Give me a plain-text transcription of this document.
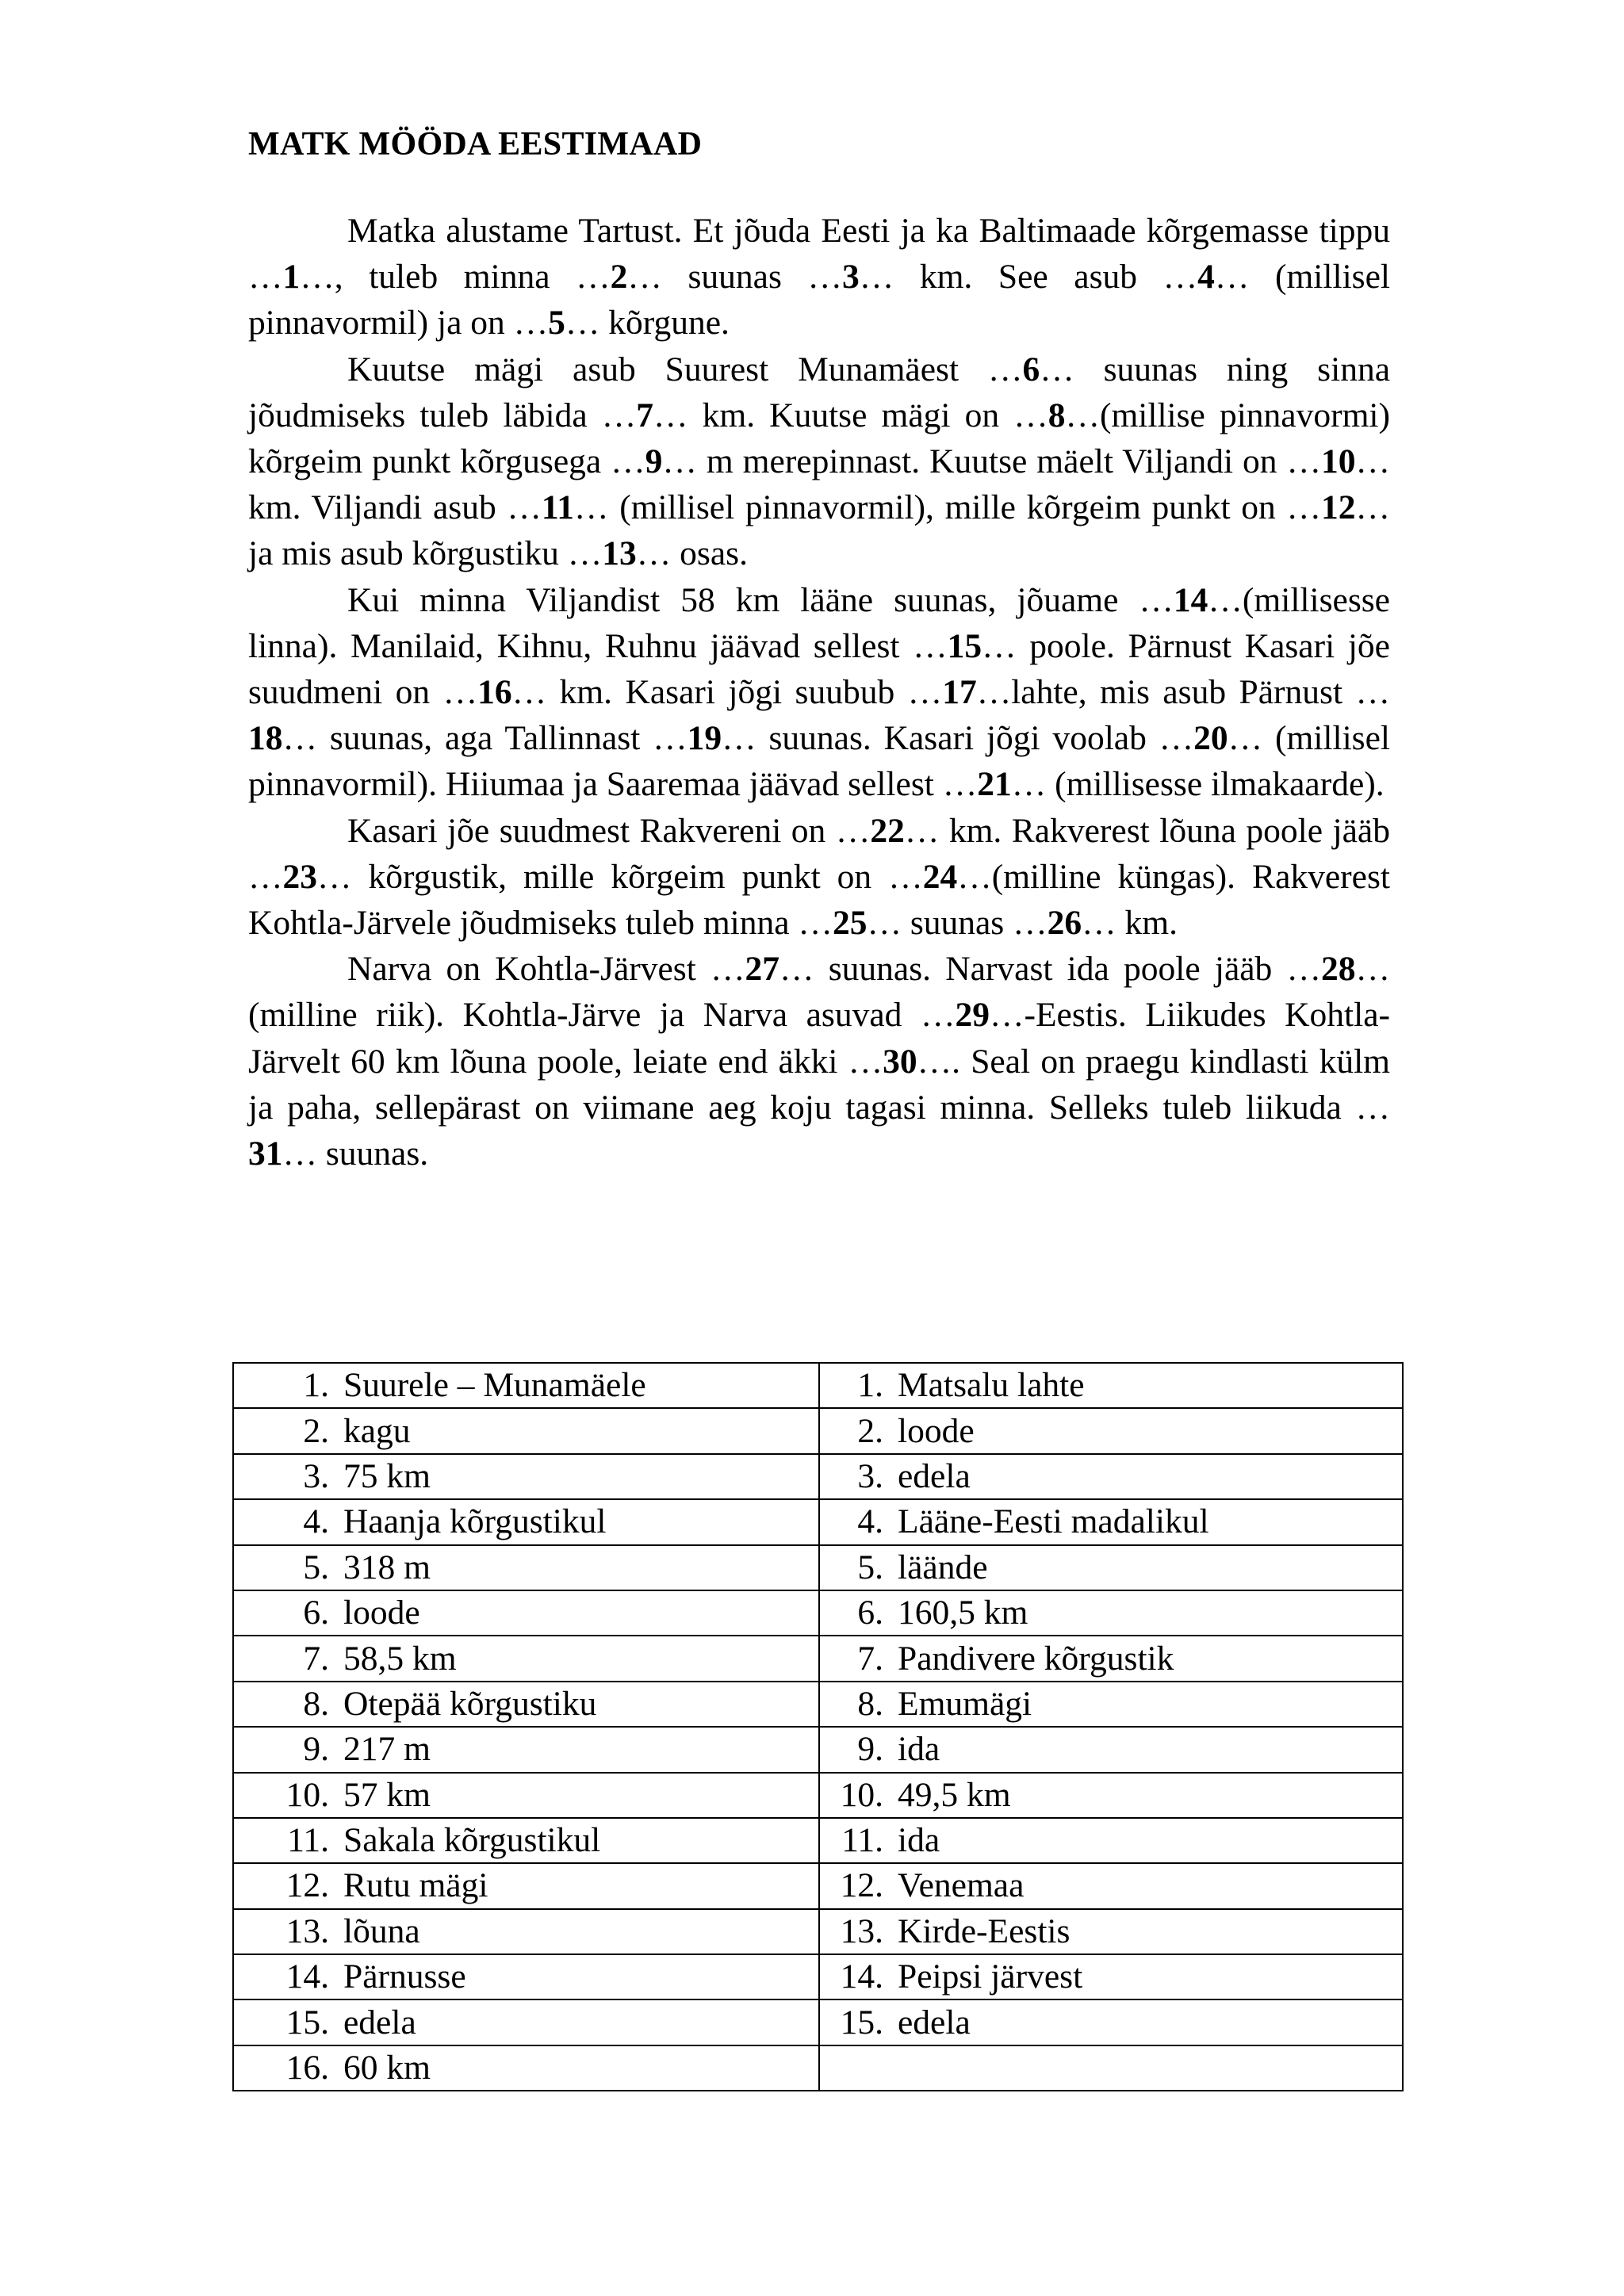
MATK MÖÖDA EESTIMAAD

Matka alustame Tartust. Et jõuda Eesti ja ka Baltimaade kõrgemasse tippu …1…, tuleb minna …2… suunas …3… km. See asub …4… (millisel pinnavormil) ja on …5… kõrgune.

Kuutse mägi asub Suurest Munamäest …6… suunas ning sinna jõudmiseks tuleb läbida …7… km. Kuutse mägi on …8…(millise pinnavormi) kõrgeim punkt kõrgusega …9… m merepinnast. Kuutse mäelt Viljandi on …10… km. Viljandi asub …11… (millisel pinnavormil), mille kõrgeim punkt on …12… ja mis asub kõrgustiku …13… osas.

Kui minna Viljandist 58 km lääne suunas, jõuame …14…(millisesse linna). Manilaid, Kihnu, Ruhnu jäävad sellest …15… poole. Pärnust Kasari jõe suudmeni on …16… km. Kasari jõgi suubub …17…lahte, mis asub Pärnust …18… suunas, aga Tallinnast …19… suunas. Kasari jõgi voolab …20… (millisel pinnavormil). Hiiumaa ja Saaremaa jäävad sellest …21… (millisesse ilmakaarde).

Kasari jõe suudmest Rakvereni on …22… km. Rakverest lõuna poole jääb …23… kõrgustik, mille kõrgeim punkt on …24…(milline küngas). Rakverest Kohtla-Järvele jõudmiseks tuleb minna …25… suunas …26… km.

Narva on Kohtla-Järvest …27… suunas. Narvast ida poole jääb …28… (milline riik). Kohtla-Järve ja Narva asuvad …29…-Eestis. Liikudes Kohtla-Järvelt 60 km lõuna poole, leiate end äkki …30…. Seal on praegu kindlasti külm ja paha, sellepärast on viimane aeg koju tagasi minna. Selleks tuleb liikuda …31… suunas.

1. Suurele – Munamäele	1. Matsalu lahte
2. kagu	2. loode
3. 75 km	3. edela
4. Haanja kõrgustikul	4. Lääne-Eesti madalikul
5. 318 m	5. läände
6. loode	6. 160,5 km
7. 58,5 km	7. Pandivere kõrgustik
8. Otepää kõrgustiku	8. Emumägi
9. 217 m	9. ida
10. 57 km	10. 49,5 km
11. Sakala kõrgustikul	11. ida
12. Rutu mägi	12. Venemaa
13. lõuna	13. Kirde-Eestis
14. Pärnusse	14. Peipsi järvest
15. edela	15. edela
16. 60 km	
